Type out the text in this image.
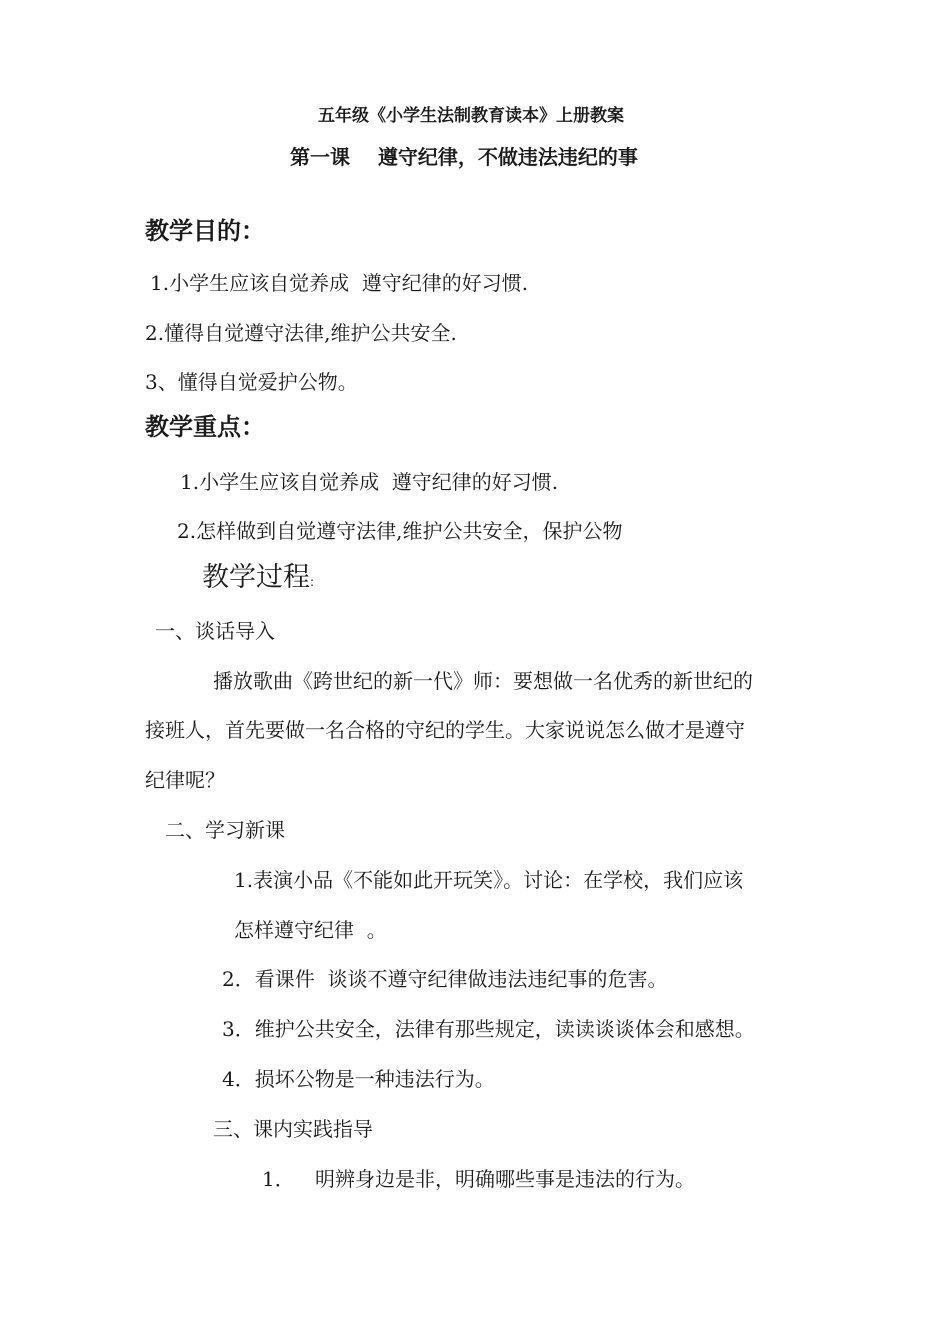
五年级《小学生法制教育读本》上册教案
第一课    遵守纪律，不做违法违纪的事
教学目的：
1.小学生应该自觉养成  遵守纪律的好习惯.
2.懂得自觉遵守法律,维护公共安全.
3、懂得自觉爱护公物。
教学重点：
1.小学生应该自觉养成  遵守纪律的好习惯.
2.怎样做到自觉遵守法律,维护公共安全，保护公物
教学过程:
一、谈话导入
播放歌曲《跨世纪的新一代》师：要想做一名优秀的新世纪的
接班人，首先要做一名合格的守纪的学生。大家说说怎么做才是遵守
纪律呢？
二、学习新课
1.表演小品《不能如此开玩笑》。讨论：在学校，我们应该
怎样遵守纪律  。
2．看课件  谈谈不遵守纪律做违法违纪事的危害。
3．维护公共安全，法律有那些规定，读读谈谈体会和感想。
4．损坏公物是一种违法行为。
三、课内实践指导
1． 明辨身边是非，明确哪些事是违法的行为。
